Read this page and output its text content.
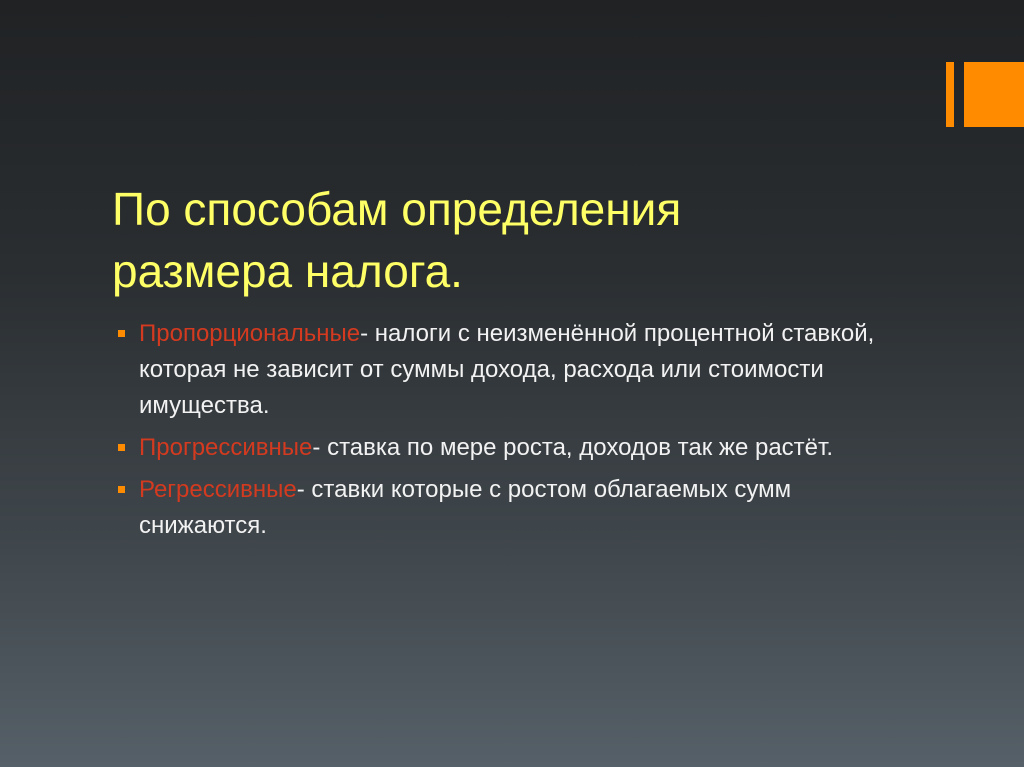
По способам определения
размера налога.
Пропорциональные- налоги с неизменённой процентной ставкой, которая не зависит от суммы дохода, расхода или стоимости имущества.
Прогрессивные- ставка по мере роста, доходов так же растёт.
Регрессивные- ставки которые с ростом облагаемых сумм снижаются.
